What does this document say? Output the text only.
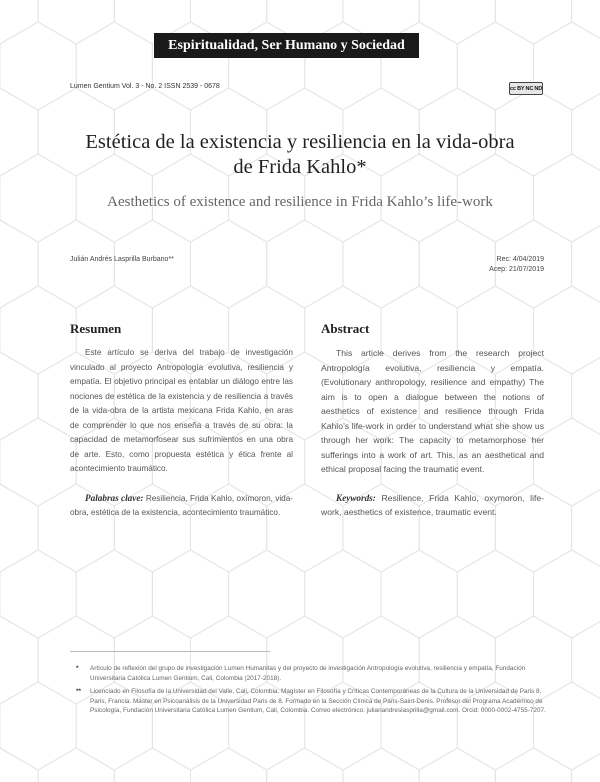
Espiritualidad, Ser Humano y Sociedad
Lumen Gentium Vol. 3 - No. 2 ISSN 2539 - 0678	cc BY NC ND
Estética de la existencia y resiliencia en la vida-obra de Frida Kahlo*
Aesthetics of existence and resilience in Frida Kahlo’s life-work
Julián Andrés Lasprilla Burbano**	Rec: 4/04/2019
Acep: 21/07/2019
Resumen

Este artículo se deriva del trabajo de investigación vinculado al proyecto Antropología evolutiva, resiliencia y empatía. El objetivo principal es entablar un diálogo entre las nociones de estética de la existencia y de resiliencia a través de la vida-obra de la artista mexicana Frida Kahlo, en aras de comprender lo que nos enseña a través de su obra: la capacidad de metamorfosear sus sufrimientos en una obra de arte. Esto, como propuesta estética y ética frente al acontecimiento traumático.

Palabras clave: Resiliencia, Frida Kahlo, oxímoron, vida-obra, estética de la existencia, acontecimiento traumático.

Abstract

This article derives from the research project Antropología evolutiva, resiliencia y empatía. (Evolutionary anthropology, resilience and empathy) The aim is to open a dialogue between the notions of aesthetics of existence and resilience through Frida Kahlo’s life-work in order to understand what she show us through her work: The capacity to metamorphose her sufferings into a work of art. This, as an aesthetical and ethical proposal facing the traumatic event.

Keywords: Resilience, Frida Kahlo, oxymoron, life-work, aesthetics of existence, traumatic event.

* Artículo de reflexión del grupo de investigación Lumen Humanitas y del proyecto de investigación Antropología evolutiva, resiliencia y empatía, Fundación Universitaria Católica Lumen Gentium, Cali, Colombia (2017-2018).
** Licenciado en Filosofía de la Universidad del Valle, Cali, Colombia. Magíster en Filosofía y Críticas Contemporáneas de la Cultura de la Universidad de Paris 8, Paris, Francia. Máster en Psicoanálisis de la Universidad Paris de 8. Formado en la Sección Clínica de Paris-Saint-Denis. Profesor del Programa Académico de Psicología, Fundación Universitaria Católica Lumen Gentium, Cali, Colombia. Correo electrónico: julianandreslasprilla@gmail.com. Orcid: 0000-0002-4755-7207.
